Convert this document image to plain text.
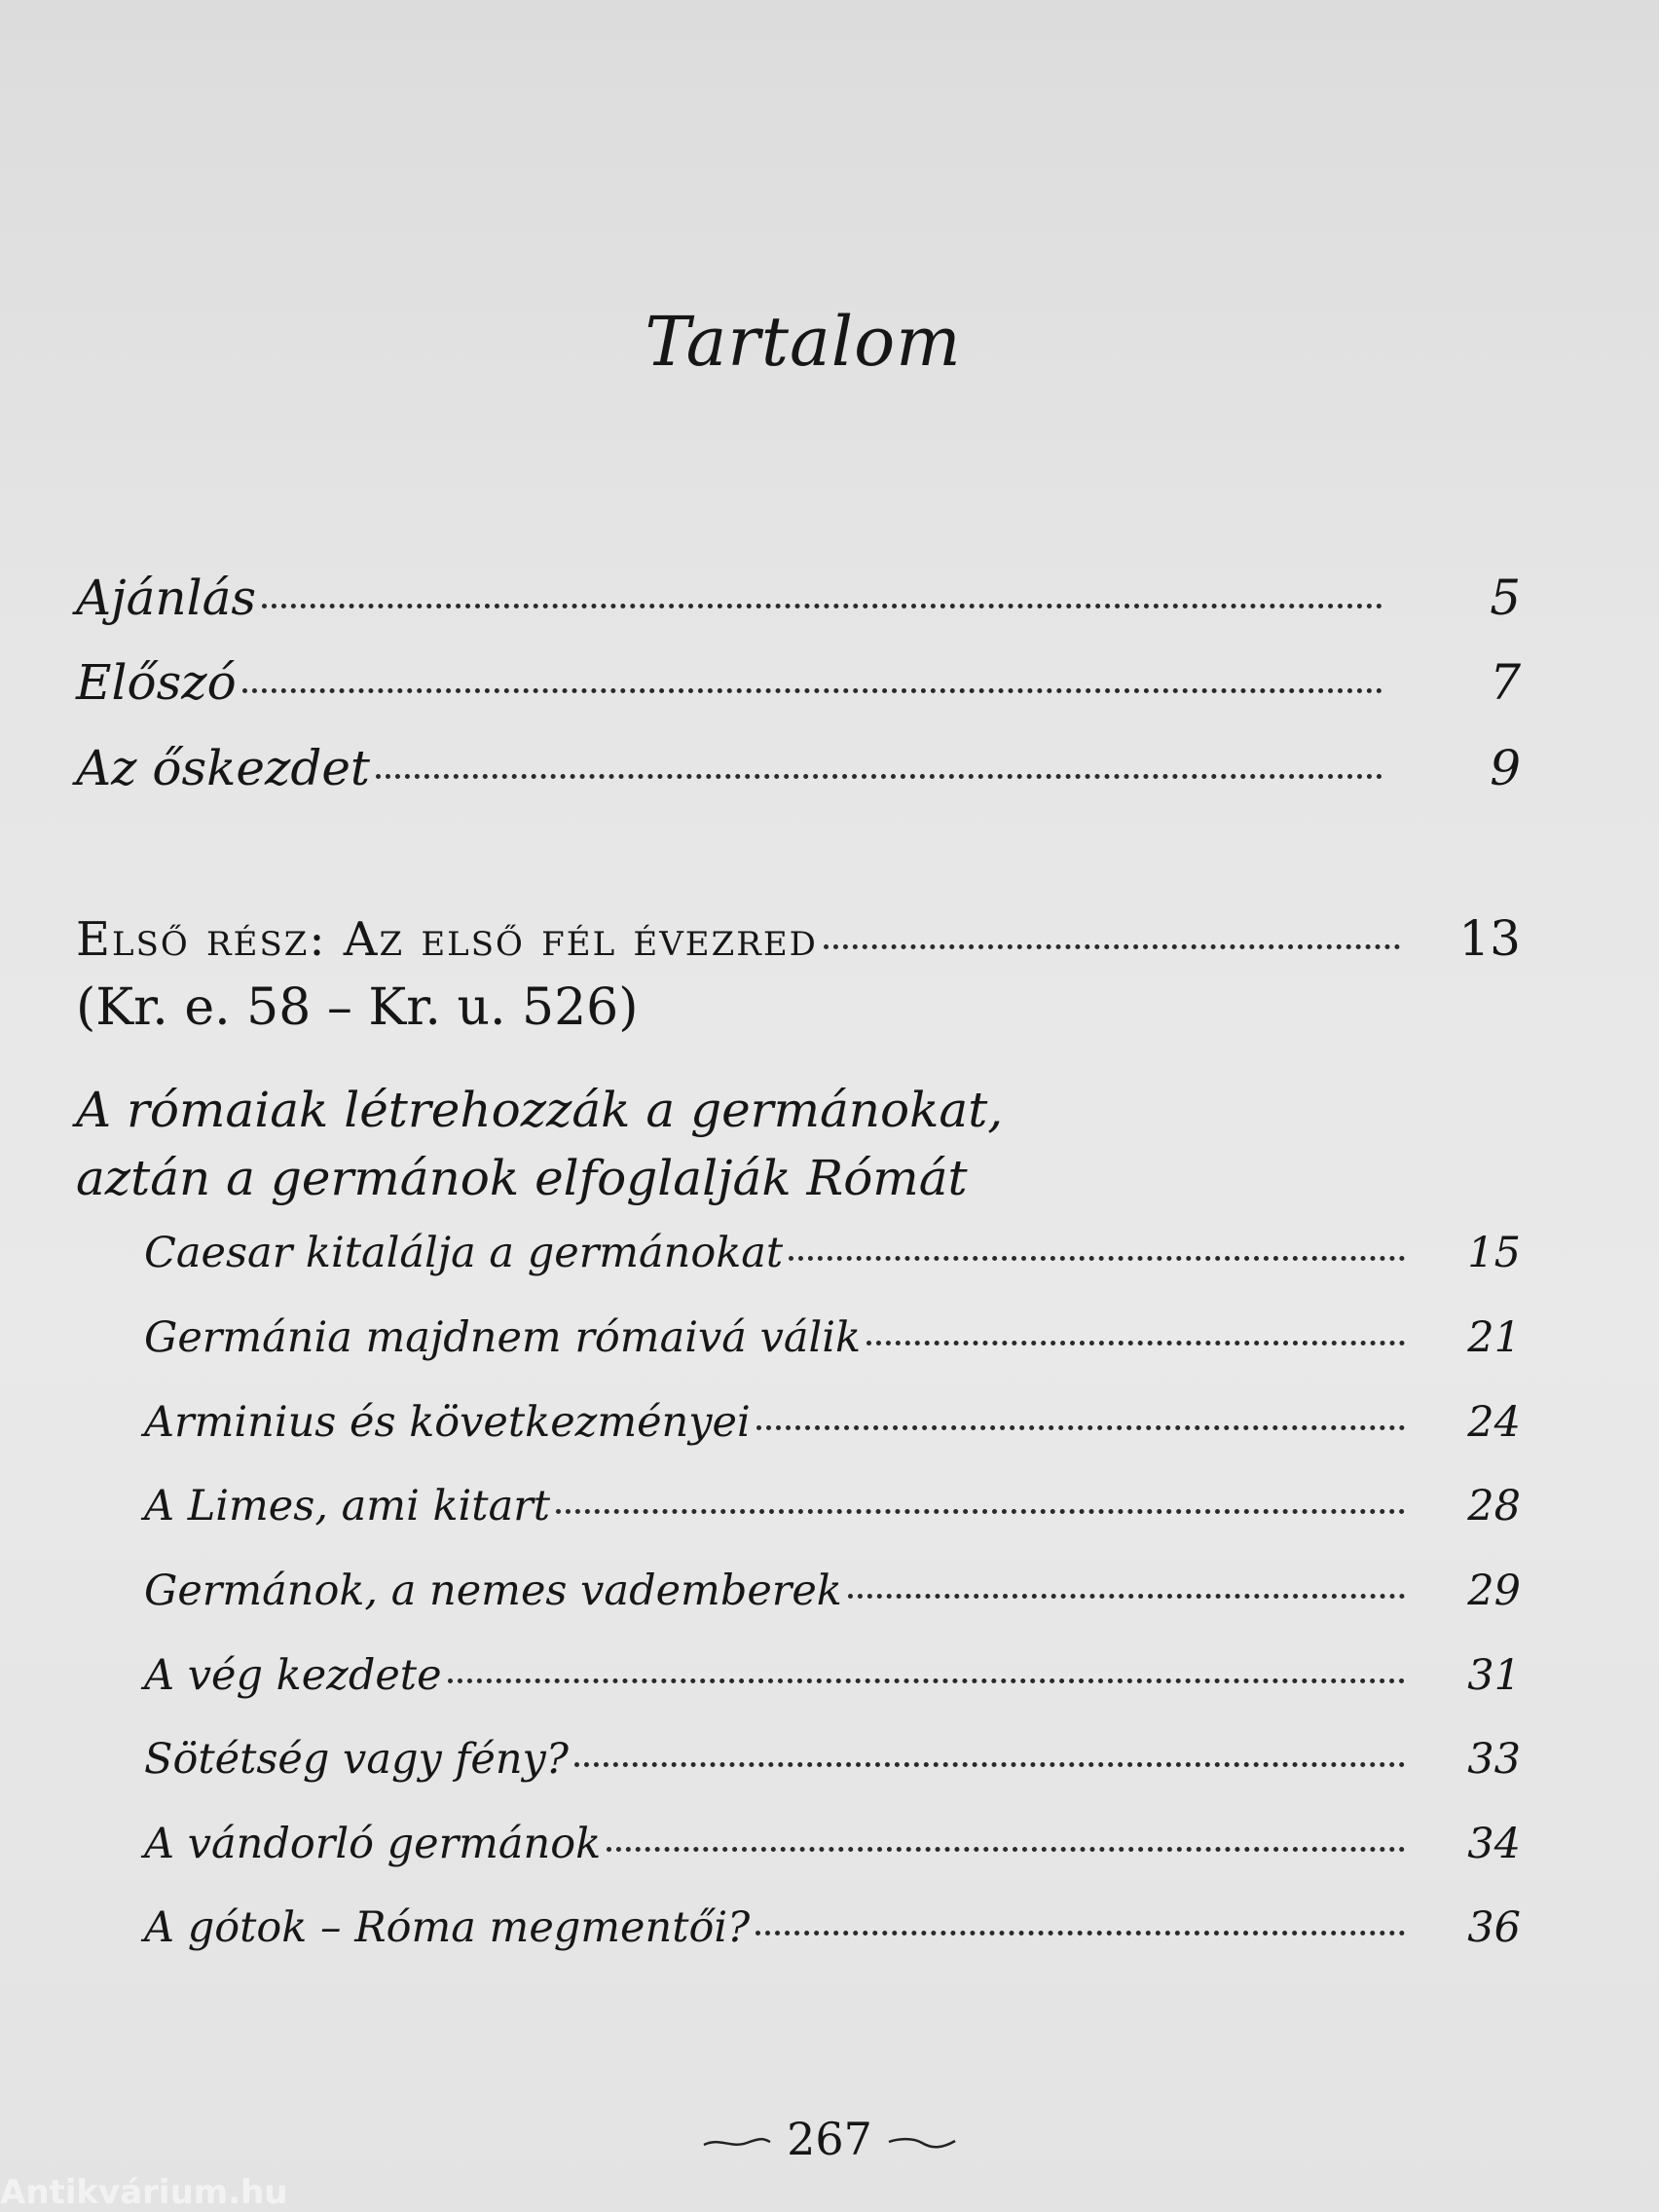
Tartalom
Ajánlás	5
Előszó	7
Az őskezdet	9
Első rész: Az első fél évezred	13
(Kr. e. 58 – Kr. u. 526)
A rómaiak létrehozzák a germánokat,
aztán a germánok elfoglalják Rómát
Caesar kitalálja a germánokat	15
Germánia majdnem rómaivá válik	21
Arminius és következményei	24
A Limes, ami kitart	28
Germánok, a nemes vademberek	29
A vég kezdete	31
Sötétség vagy fény?	33
A vándorló germánok	34
A gótok – Róma megmentői?	36
267
Antikvárium.hu
